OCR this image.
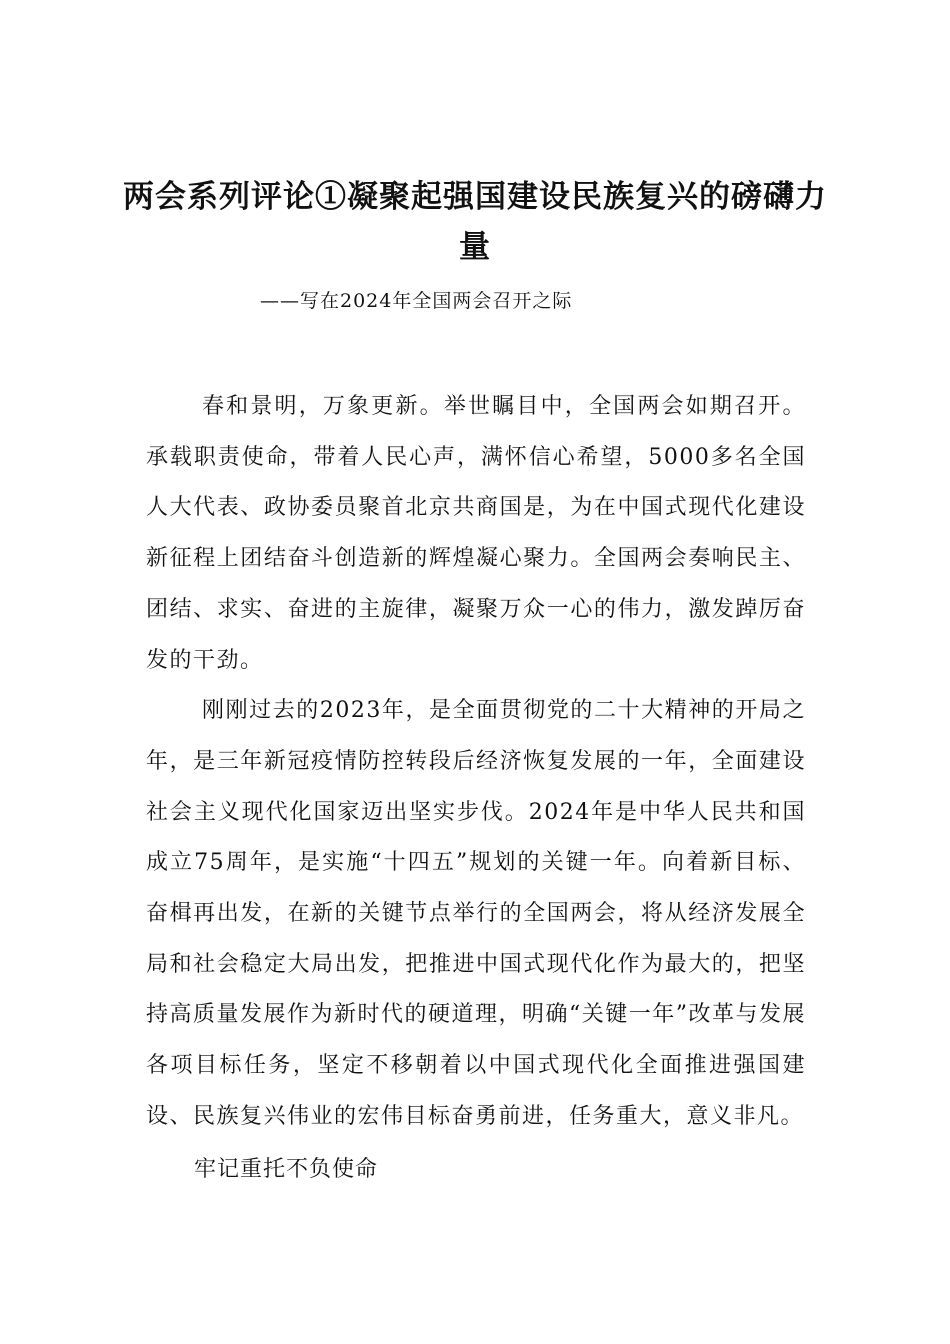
两会系列评论①凝聚起强国建设民族复兴的磅礴力量
——写在2024年全国两会召开之际

春和景明，万象更新。举世瞩目中，全国两会如期召开。承载职责使命，带着人民心声，满怀信心希望，5000多名全国人大代表、政协委员聚首北京共商国是，为在中国式现代化建设新征程上团结奋斗创造新的辉煌凝心聚力。全国两会奏响民主、团结、求实、奋进的主旋律，凝聚万众一心的伟力，激发踔厉奋发的干劲。

刚刚过去的2023年，是全面贯彻党的二十大精神的开局之年，是三年新冠疫情防控转段后经济恢复发展的一年，全面建设社会主义现代化国家迈出坚实步伐。2024年是中华人民共和国成立75周年，是实施“十四五”规划的关键一年。向着新目标、奋楫再出发，在新的关键节点举行的全国两会，将从经济发展全局和社会稳定大局出发，把推进中国式现代化作为最大的，把坚持高质量发展作为新时代的硬道理，明确“关键一年”改革与发展各项目标任务，坚定不移朝着以中国式现代化全面推进强国建设、民族复兴伟业的宏伟目标奋勇前进，任务重大，意义非凡。

牢记重托不负使命
